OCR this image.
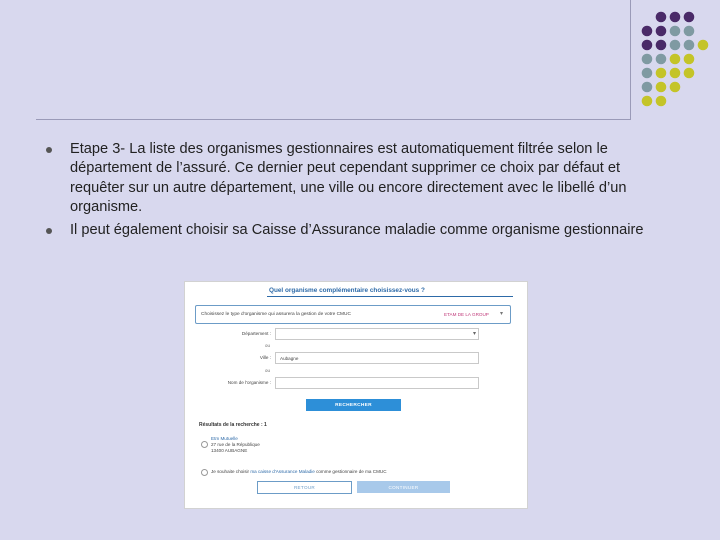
Etape 3- La liste des organismes gestionnaires est automatiquement filtrée selon le département de l’assuré. Ce dernier peut cependant supprimer ce choix par défaut et requêter sur un autre département, une ville ou encore directement avec le libellé d’un organisme.
Il peut également choisir sa Caisse d’Assurance maladie comme organisme gestionnaire
Quel organisme complémentaire choisissez-vous ?
Choisissez le type d'organisme qui assurera la gestion de votre CMUC	ETAM DE LA GROUP ▾
Département :	▾
ou
Ville : Aubagne
ou
Nom de l'organisme :
RECHERCHER
Résultats de la recherche : 1
Etm Mutuelle
27 rue de la République
13400 AUBAGNE
Je souhaite choisir ma caisse d'Assurance Maladie comme gestionnaire de ma CMUC
RETOUR	CONTINUER
